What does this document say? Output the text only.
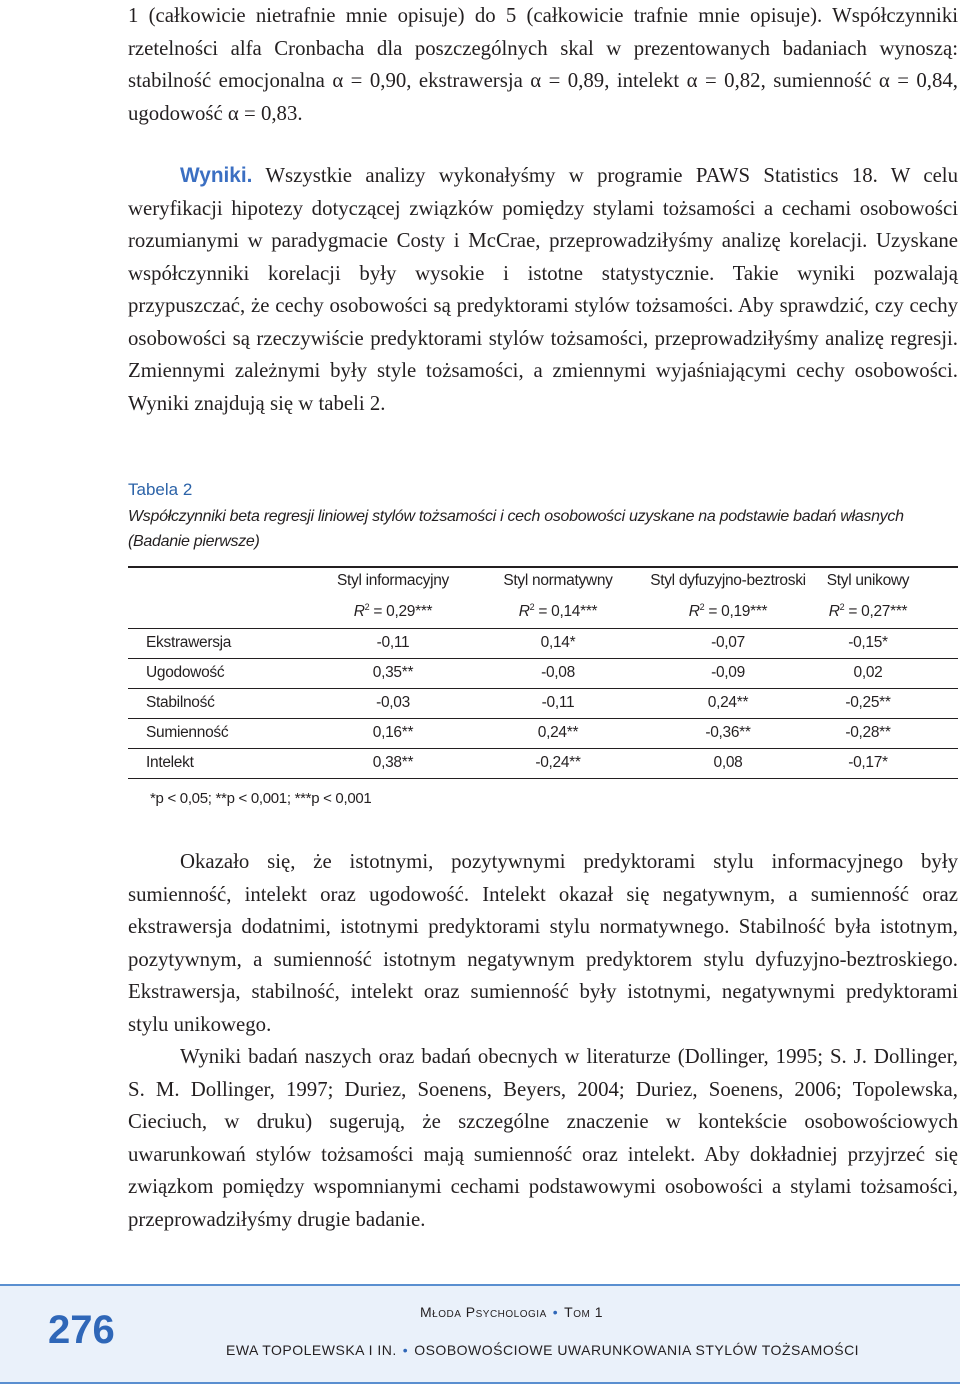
1 (całkowicie nietrafnie mnie opisuje) do 5 (całkowicie trafnie mnie opisuje). Współczynniki rzetelności alfa Cronbacha dla poszczególnych skal w prezentowanych badaniach wynoszą: stabilność emocjonalna α = 0,90, ekstrawersja α = 0,89, intelekt α = 0,82, sumienność α = 0,84, ugodowość α = 0,83.
Wyniki. Wszystkie analizy wykonałyśmy w programie PAWS Statistics 18. W celu weryfikacji hipotezy dotyczącej związków pomiędzy stylami tożsamości a cechami osobowości rozumianymi w paradygmacie Costy i McCrae, przeprowadziłyśmy analizę korelacji. Uzyskane współczynniki korelacji były wysokie i istotne statystycznie. Takie wyniki pozwalają przypuszczać, że cechy osobowości są predyktorami stylów tożsamości. Aby sprawdzić, czy cechy osobowości są rzeczywiście predyktorami stylów tożsamości, przeprowadziłyśmy analizę regresji. Zmiennymi zależnymi były style tożsamości, a zmiennymi wyjaśniającymi cechy osobowości. Wyniki znajdują się w tabeli 2.
Tabela 2
Współczynniki beta regresji liniowej stylów tożsamości i cech osobowości uzyskane na podstawie badań własnych (Badanie pierwsze)
Styl informacyjny	Styl normatywny	Styl dyfuzyjno-beztroski	Styl unikowy
$R^2 = 0,29***$	$R^2 = 0,14***$	$R^2 = 0,19***$	$R^2 = 0,27***$
Ekstrawersja	-0,11	0,14*	-0,07	-0,15*
Ugodowość	0,35**	-0,08	-0,09	0,02
Stabilność	-0,03	-0,11	0,24**	-0,25**
Sumienność	0,16**	0,24**	-0,36**	-0,28**
Intelekt	0,38**	-0,24**	0,08	-0,17*
*p < 0,05; **p < 0,001; ***p < 0,001
Okazało się, że istotnymi, pozytywnymi predyktorami stylu informacyjnego były sumienność, intelekt oraz ugodowość. Intelekt okazał się negatywnym, a sumienność oraz ekstrawersja dodatnimi, istotnymi predyktorami stylu normatywnego. Stabilność była istotnym, pozytywnym, a sumienność istotnym negatywnym predyktorem stylu dyfuzyjno-beztroskiego. Ekstrawersja, stabilność, intelekt oraz sumienność były istotnymi, negatywnymi predyktorami stylu unikowego.
Wyniki badań naszych oraz badań obecnych w literaturze (Dollinger, 1995; S. J. Dollinger, S. M. Dollinger, 1997; Duriez, Soenens, Beyers, 2004; Duriez, Soenens, 2006; Topolewska, Cieciuch, w druku) sugerują, że szczególne znaczenie w kontekście osobowościowych uwarunkowań stylów tożsamości mają sumienność oraz intelekt. Aby dokładniej przyjrzeć się związkom pomiędzy wspomnianymi cechami podstawowymi osobowości a stylami tożsamości, przeprowadziłyśmy drugie badanie.
276	Młoda Psychologia • Tom 1
EWA TOPOLEWSKA I IN. • OSOBOWOŚCIOWE UWARUNKOWANIA STYLÓW TOŻSAMOŚCI
